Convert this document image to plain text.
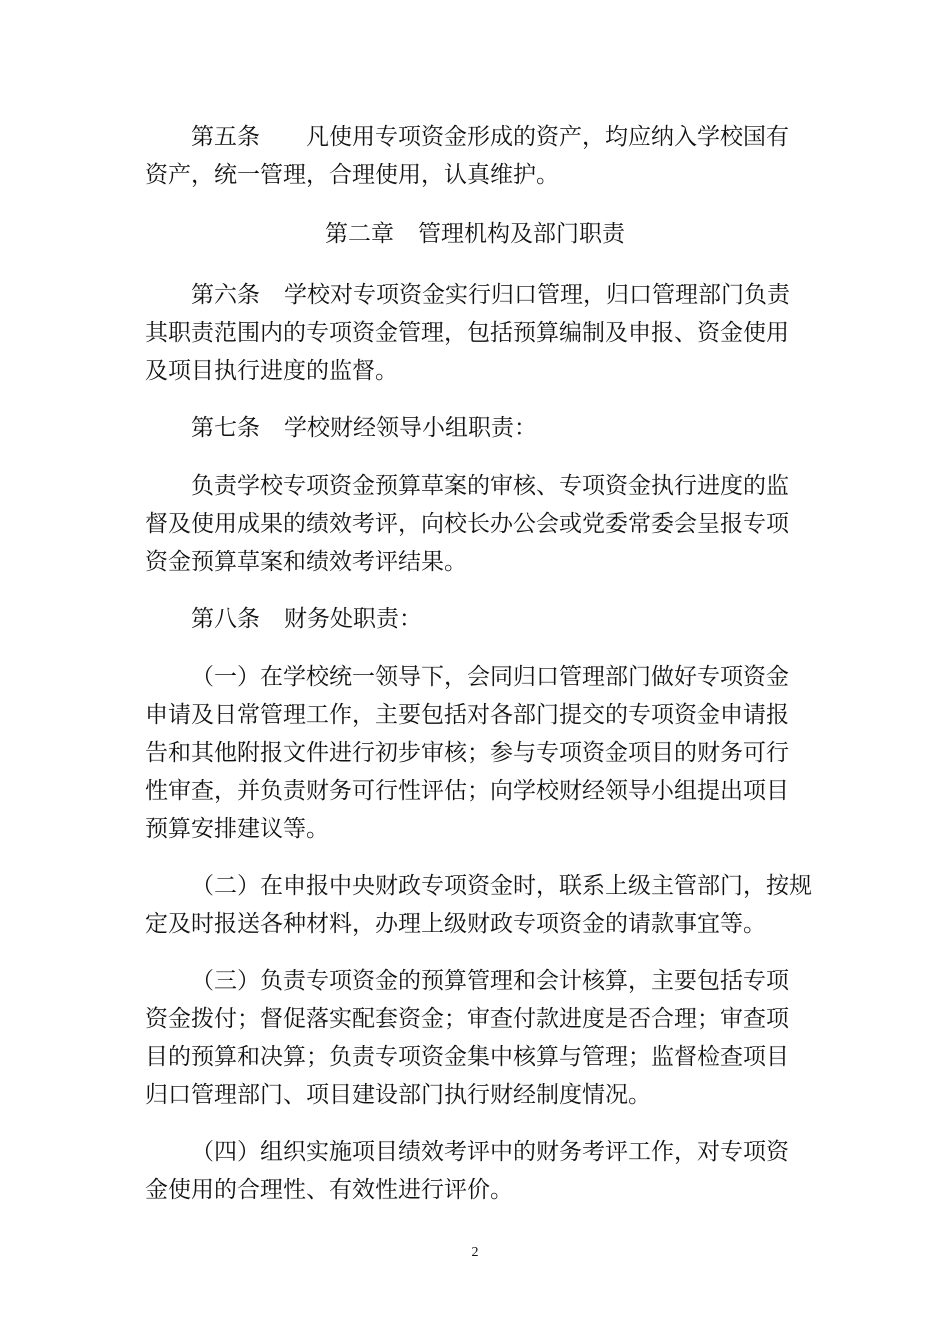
第五条 凡使用专项资金形成的资产，均应纳入学校国有
资产，统一管理，合理使用，认真维护。

第二章 管理机构及部门职责

第六条 学校对专项资金实行归口管理，归口管理部门负责
其职责范围内的专项资金管理，包括预算编制及申报、资金使用
及项目执行进度的监督。

第七条 学校财经领导小组职责：

负责学校专项资金预算草案的审核、专项资金执行进度的监
督及使用成果的绩效考评，向校长办公会或党委常委会呈报专项
资金预算草案和绩效考评结果。

第八条 财务处职责：

（一）在学校统一领导下，会同归口管理部门做好专项资金
申请及日常管理工作，主要包括对各部门提交的专项资金申请报
告和其他附报文件进行初步审核；参与专项资金项目的财务可行
性审查，并负责财务可行性评估；向学校财经领导小组提出项目
预算安排建议等。

（二）在申报中央财政专项资金时，联系上级主管部门，按规
定及时报送各种材料，办理上级财政专项资金的请款事宜等。

（三）负责专项资金的预算管理和会计核算，主要包括专项
资金拨付；督促落实配套资金；审查付款进度是否合理；审查项
目的预算和决算；负责专项资金集中核算与管理；监督检查项目
归口管理部门、项目建设部门执行财经制度情况。

（四）组织实施项目绩效考评中的财务考评工作，对专项资
金使用的合理性、有效性进行评价。

2
